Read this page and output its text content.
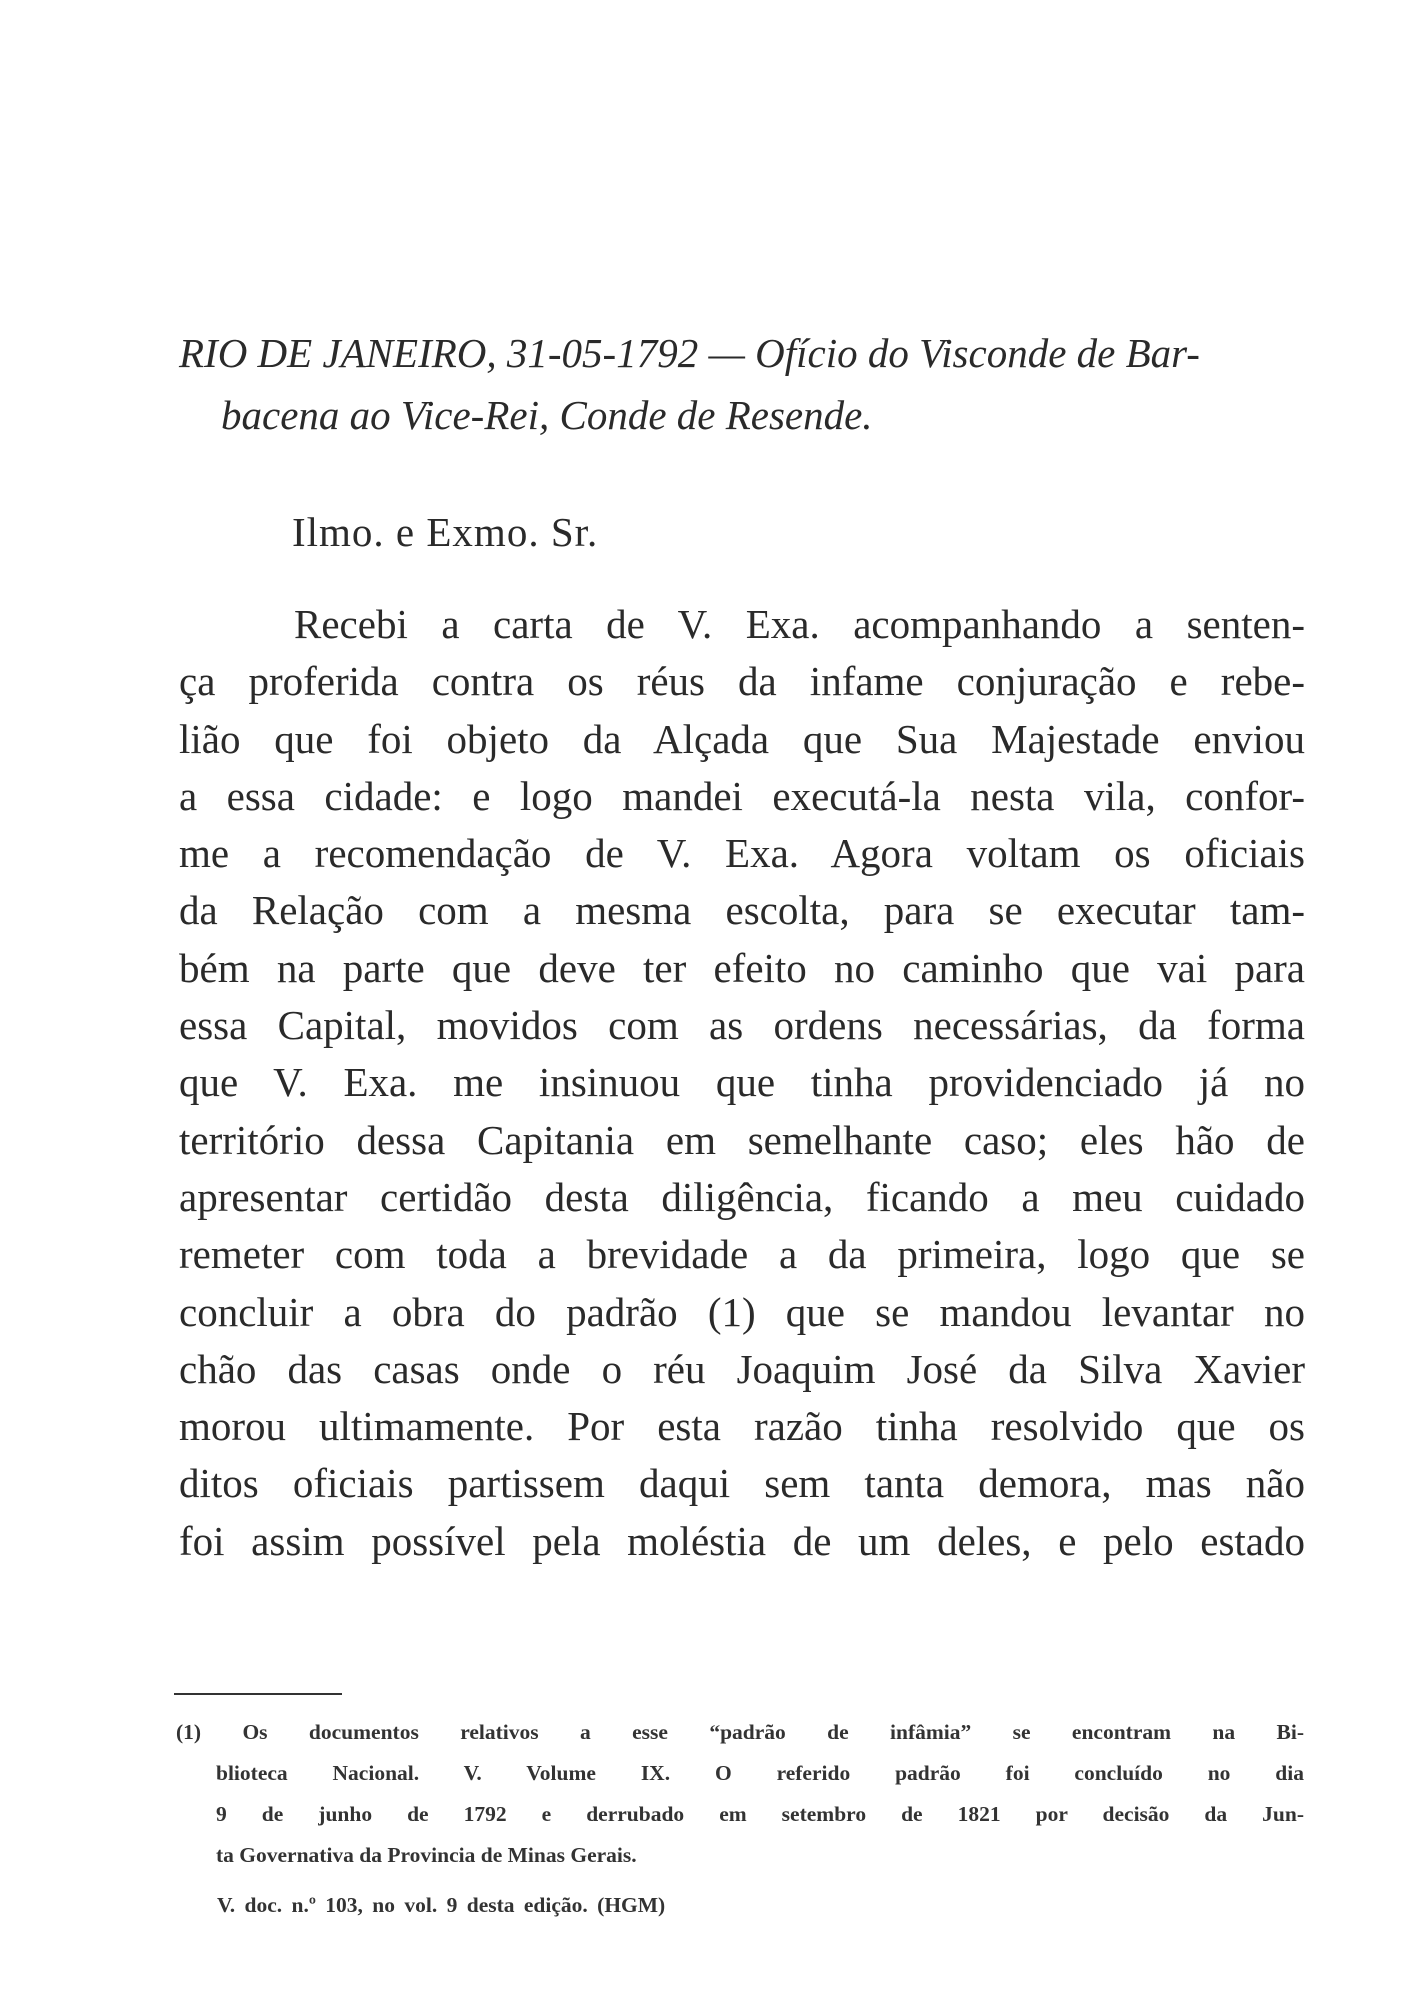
RIO DE JANEIRO, 31-05-1792 — Ofício do Visconde de Bar-
bacena ao Vice-Rei, Conde de Resende.
Ilmo. e Exmo. Sr.
Recebi a carta de V. Exa. acompanhando a senten-
ça proferida contra os réus da infame conjuração e rebe-
lião que foi objeto da Alçada que Sua Majestade enviou
a essa cidade: e logo mandei executá-la nesta vila, confor-
me a recomendação de V. Exa. Agora voltam os oficiais
da Relação com a mesma escolta, para se executar tam-
bém na parte que deve ter efeito no caminho que vai para
essa Capital, movidos com as ordens necessárias, da forma
que V. Exa. me insinuou que tinha providenciado já no
território dessa Capitania em semelhante caso; eles hão de
apresentar certidão desta diligência, ficando a meu cuidado
remeter com toda a brevidade a da primeira, logo que se
concluir a obra do padrão (1) que se mandou levantar no
chão das casas onde o réu Joaquim José da Silva Xavier
morou ultimamente. Por esta razão tinha resolvido que os
ditos oficiais partissem daqui sem tanta demora, mas não
foi assim possível pela moléstia de um deles, e pelo estado
(1) Os documentos relativos a esse “padrão de infâmia” se encontram na Bi-
blioteca Nacional. V. Volume IX. O referido padrão foi concluído no dia
9 de junho de 1792 e derrubado em setembro de 1821 por decisão da Jun-
ta Governativa da Provincia de Minas Gerais.
V. doc. n.º 103, no vol. 9 desta edição. (HGM)
